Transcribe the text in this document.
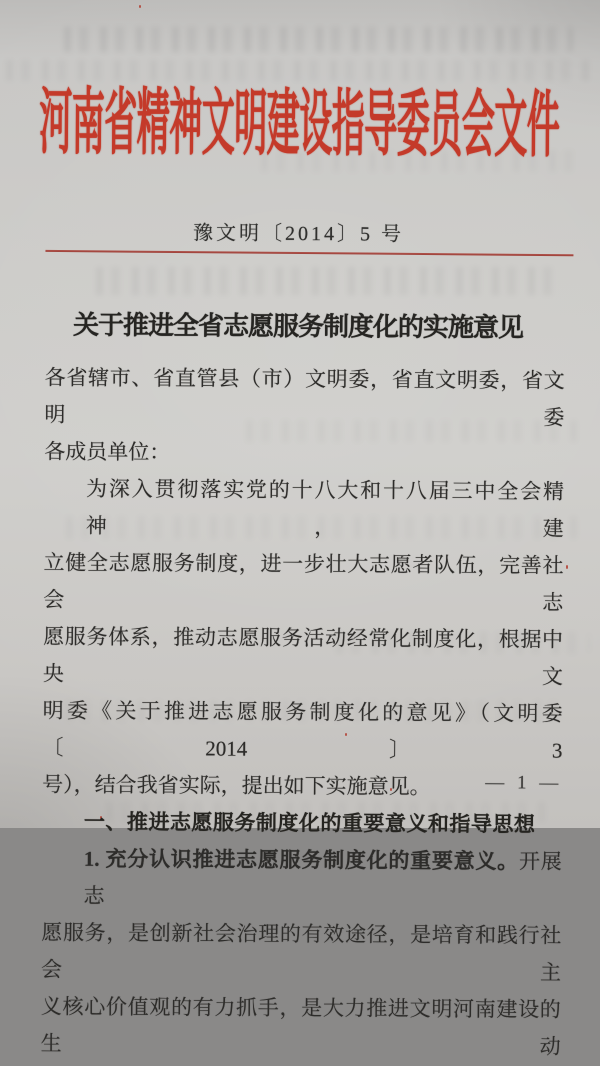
河南省精神文明建设指导委员会文件
豫文明〔2014〕5 号
关于推进全省志愿服务制度化的实施意见
各省辖市、省直管县（市）文明委，省直文明委，省文明委
各成员单位：
为深入贯彻落实党的十八大和十八届三中全会精神，建
立健全志愿服务制度，进一步壮大志愿者队伍，完善社会志
愿服务体系，推动志愿服务活动经常化制度化，根据中央文
明委《关于推进志愿服务制度化的意见》（文明委〔2014〕3
号），结合我省实际，提出如下实施意见。
一、推进志愿服务制度化的重要意义和指导思想
1. 充分认识推进志愿服务制度化的重要意义。开展志
愿服务，是创新社会治理的有效途径，是培育和践行社会主
义核心价值观的有力抓手，是大力推进文明河南建设的生动
— 1 —
